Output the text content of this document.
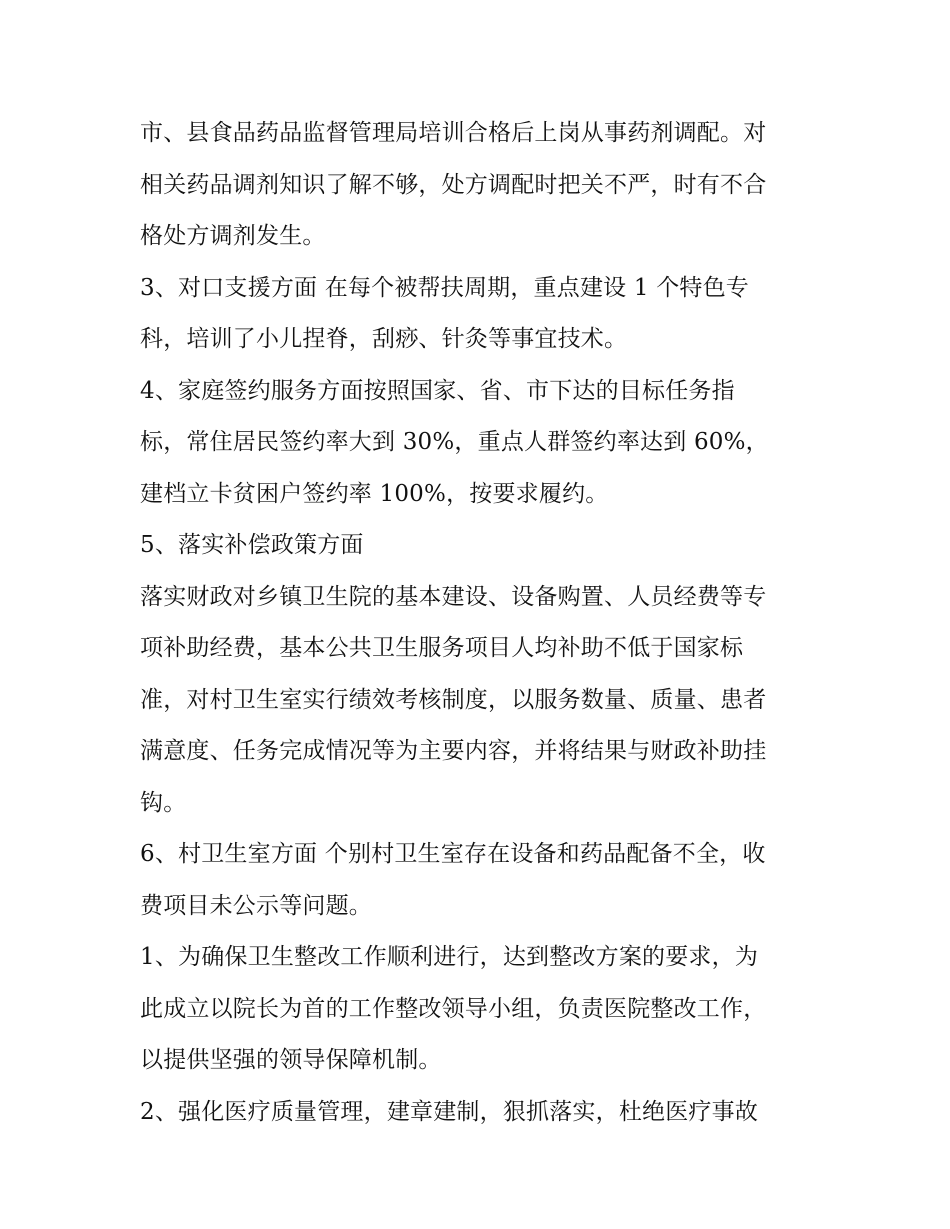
市、县食品药品监督管理局培训合格后上岗从事药剂调配。对
相关药品调剂知识了解不够，处方调配时把关不严，时有不合
格处方调剂发生。
3、对口支援方面 在每个被帮扶周期，重点建设 1 个特色专
科，培训了小儿捏脊，刮痧、针灸等事宜技术。
4、家庭签约服务方面按照国家、省、市下达的目标任务指
标，常住居民签约率大到 30%，重点人群签约率达到 60%，
建档立卡贫困户签约率 100%，按要求履约。
5、落实补偿政策方面
落实财政对乡镇卫生院的基本建设、设备购置、人员经费等专
项补助经费，基本公共卫生服务项目人均补助不低于国家标
准，对村卫生室实行绩效考核制度，以服务数量、质量、患者
满意度、任务完成情况等为主要内容，并将结果与财政补助挂
钩。
6、村卫生室方面 个别村卫生室存在设备和药品配备不全，收
费项目未公示等问题。
1、为确保卫生整改工作顺利进行，达到整改方案的要求，为
此成立以院长为首的工作整改领导小组，负责医院整改工作，
以提供坚强的领导保障机制。
2、强化医疗质量管理，建章建制，狠抓落实，杜绝医疗事故
